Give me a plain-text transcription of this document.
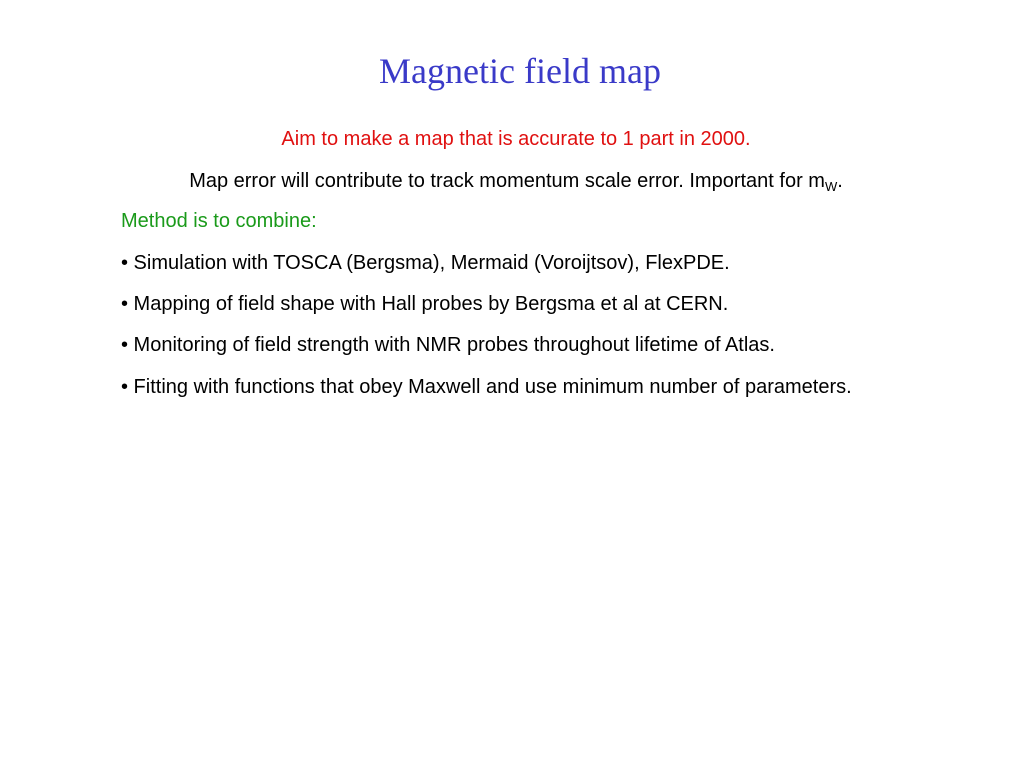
Magnetic field map

Aim to make a map that is accurate to 1 part in 2000.

Map error will contribute to track momentum scale error. Important for $m_W$.

Method is to combine:

• Simulation with TOSCA (Bergsma), Mermaid (Voroijtsov), FlexPDE.

• Mapping of field shape with Hall probes by Bergsma et al at CERN.

• Monitoring of field strength with NMR probes throughout lifetime of Atlas.

• Fitting with functions that obey Maxwell and use minimum number of parameters.
